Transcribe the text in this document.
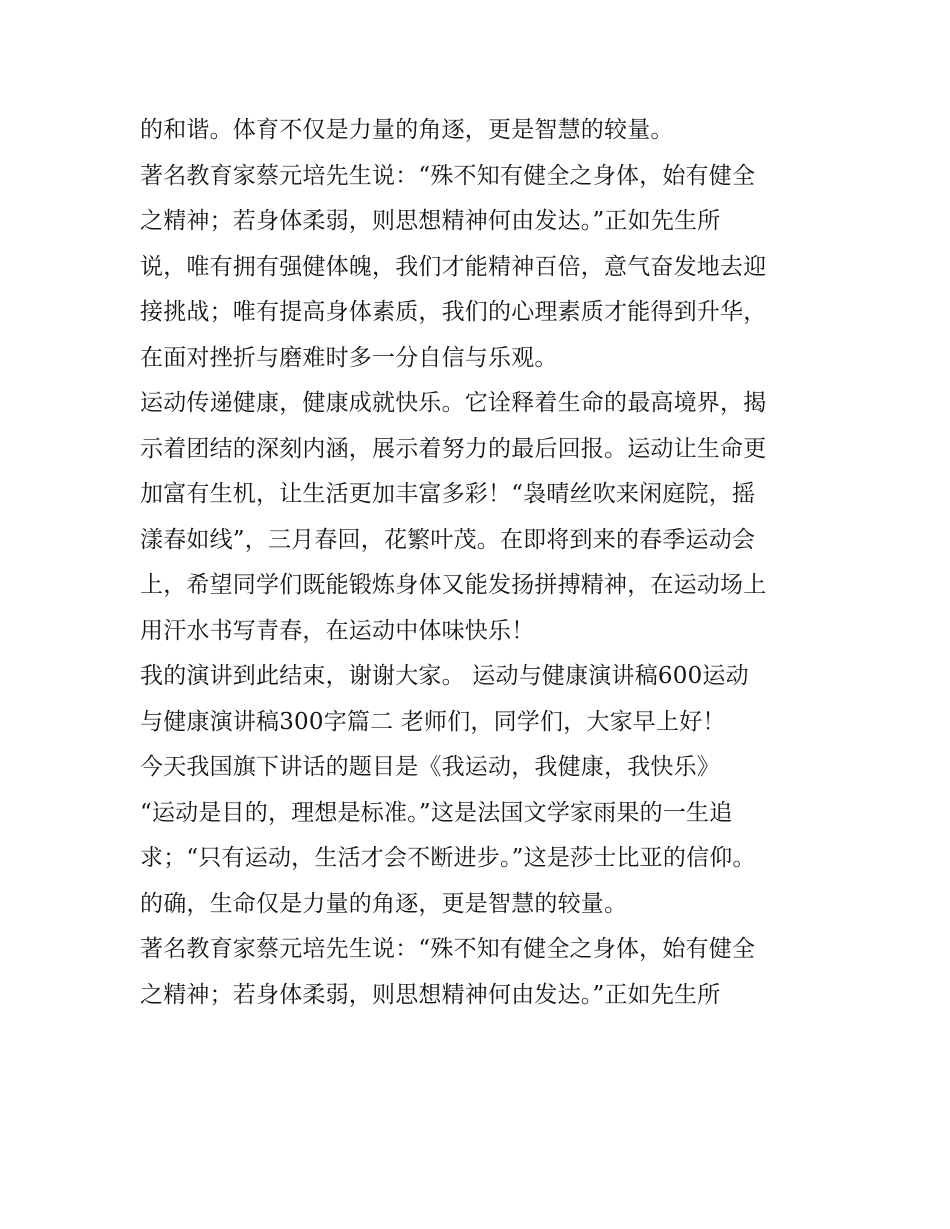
的和谐。体育不仅是力量的角逐，更是智慧的较量。
著名教育家蔡元培先生说：“殊不知有健全之身体，始有健全
之精神；若身体柔弱，则思想精神何由发达。”正如先生所
说，唯有拥有强健体魄，我们才能精神百倍，意气奋发地去迎
接挑战；唯有提高身体素质，我们的心理素质才能得到升华，
在面对挫折与磨难时多一分自信与乐观。
运动传递健康，健康成就快乐。它诠释着生命的最高境界，揭
示着团结的深刻内涵，展示着努力的最后回报。运动让生命更
加富有生机，让生活更加丰富多彩！“袅晴丝吹来闲庭院，摇
漾春如线”，三月春回，花繁叶茂。在即将到来的春季运动会
上，希望同学们既能锻炼身体又能发扬拼搏精神，在运动场上
用汗水书写青春，在运动中体味快乐！
我的演讲到此结束，谢谢大家。 运动与健康演讲稿600运动
与健康演讲稿300字篇二 老师们，同学们，大家早上好！
今天我国旗下讲话的题目是《我运动，我健康，我快乐》
“运动是目的，理想是标准。”这是法国文学家雨果的一生追
求；“只有运动，生活才会不断进步。”这是莎士比亚的信仰。
的确，生命仅是力量的角逐，更是智慧的较量。
著名教育家蔡元培先生说：“殊不知有健全之身体，始有健全
之精神；若身体柔弱，则思想精神何由发达。”正如先生所
